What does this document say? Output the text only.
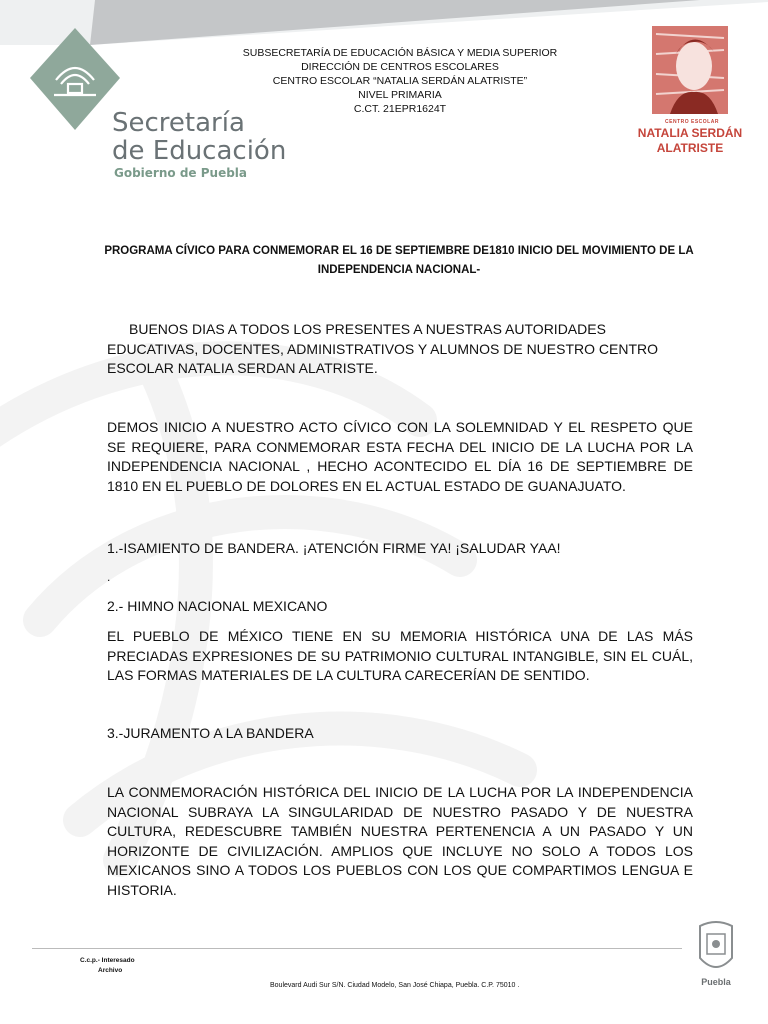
Secretaría
de Educación
Gobierno de Puebla
SUBSECRETARÍA DE EDUCACIÓN BÁSICA Y MEDIA SUPERIOR
DIRECCIÓN DE CENTROS ESCOLARES
CENTRO ESCOLAR “NATALIA SERDÁN ALATRISTE”
NIVEL PRIMARIA
C.CT. 21EPR1624T
CENTRO ESCOLAR
NATALIA SERDÁN
ALATRISTE
PROGRAMA CÍVICO PARA CONMEMORAR EL 16 DE SEPTIEMBRE DE1810 INICIO DEL MOVIMIENTO DE LA INDEPENDENCIA NACIONAL-
BUENOS DIAS A TODOS LOS PRESENTES A NUESTRAS AUTORIDADES EDUCATIVAS, DOCENTES, ADMINISTRATIVOS Y ALUMNOS DE NUESTRO CENTRO ESCOLAR NATALIA SERDAN ALATRISTE.
DEMOS INICIO A NUESTRO ACTO CÍVICO CON LA SOLEMNIDAD Y EL RESPETO QUE SE REQUIERE, PARA CONMEMORAR ESTA FECHA DEL INICIO DE LA LUCHA POR LA INDEPENDENCIA NACIONAL , HECHO ACONTECIDO EL DÍA 16 DE SEPTIEMBRE DE 1810 EN EL PUEBLO DE DOLORES EN EL ACTUAL ESTADO DE GUANAJUATO.
1.-ISAMIENTO DE BANDERA. ¡ATENCIÓN FIRME YA! ¡SALUDAR YAA!
.
2.- HIMNO NACIONAL MEXICANO
EL PUEBLO DE MÉXICO TIENE EN SU MEMORIA HISTÓRICA UNA DE LAS MÁS PRECIADAS EXPRESIONES DE SU PATRIMONIO CULTURAL INTANGIBLE, SIN EL CUÁL, LAS FORMAS MATERIALES DE LA CULTURA CARECERÍAN DE SENTIDO.
3.-JURAMENTO A LA BANDERA
LA CONMEMORACIÓN HISTÓRICA DEL INICIO DE LA LUCHA POR LA INDEPENDENCIA NACIONAL SUBRAYA LA SINGULARIDAD DE NUESTRO PASADO Y DE NUESTRA CULTURA, REDESCUBRE TAMBIÉN NUESTRA PERTENENCIA A UN PASADO Y UN HORIZONTE DE CIVILIZACIÓN. AMPLIOS QUE INCLUYE NO SOLO A TODOS LOS MEXICANOS SINO A TODOS LOS PUEBLOS CON LOS QUE COMPARTIMOS LENGUA E HISTORIA.
C.c.p.- Interesado
Archivo
Boulevard Audi Sur S/N. Ciudad Modelo, San José Chiapa, Puebla. C.P. 75010 .	Puebla
